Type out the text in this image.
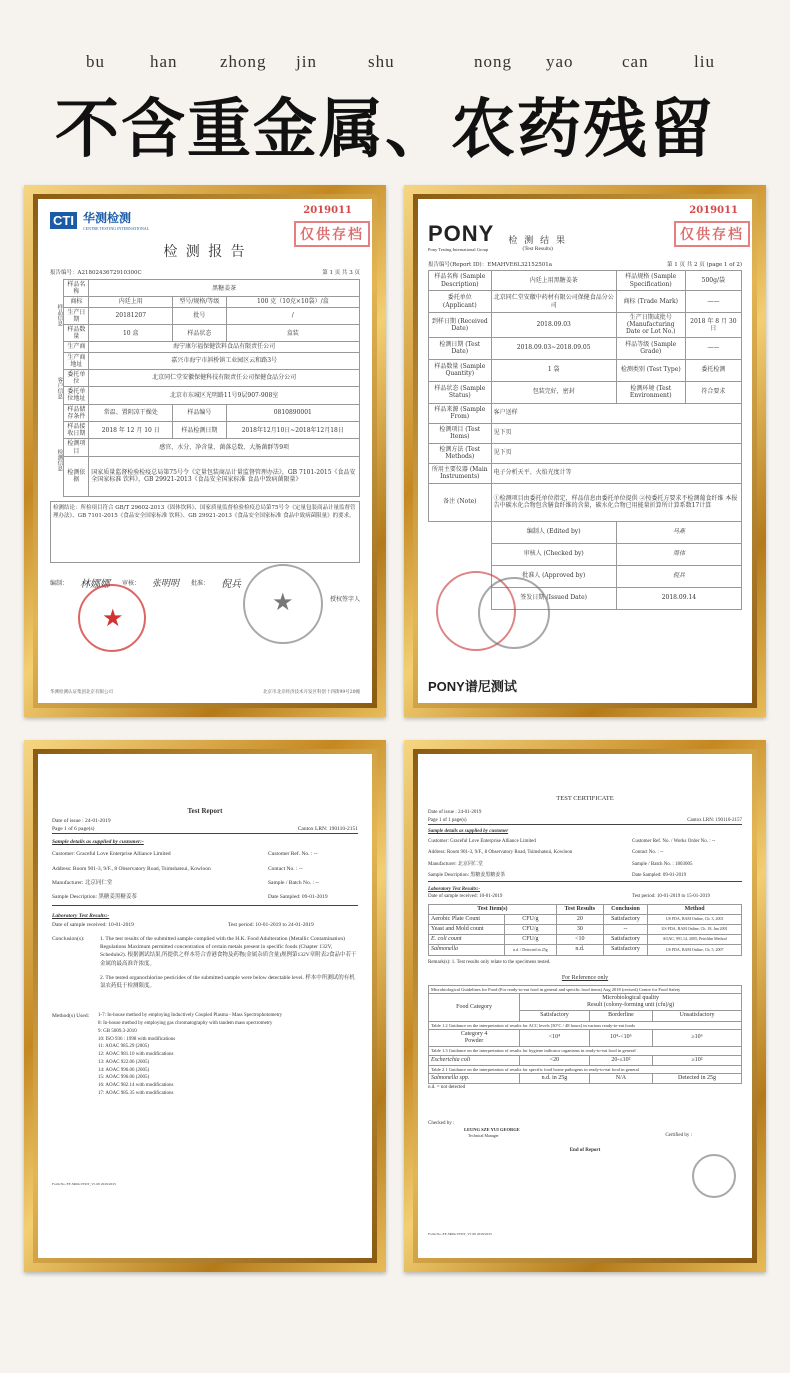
bu	han zhong jin	shu	nong yao	can	liu
不含重金属、农药残留
CTI 华测检测
CENTRE TESTING INTERNATIONAL
2019011
仅供存档
检 测 报 告
报告编号：A2180243672910300C	第 1 页 共 3 页
样品信息
客户信息
检测信息
样品名称	黑糖姜茶		
商标	内廷上用	型号/规格/等级	100 克（10克×10袋）/盒
生产日期	20181207	批号	/
样品数量	10 盒	样品状态	盒装
生产商	海宁康尔福保健饮料食品有限责任公司		
生产商地址	嘉兴市海宁市斜桥镇工业园区云和路3号		
委托单位	北京同仁堂安徽保健科技有限责任公司保健食品分公司		
委托单位地址	北京市东城区光明路11号9层907-908室		
样品储存条件	常温、置阴凉干燥处	样品编号	0810890001
样品接收日期	2018 年 12 月 10 日	样品检测日期	2018年12月10日~2018年12月18日
检测项目	感官、水分、净含量、菌落总数、大肠菌群等9项		
检测依据	国家质量监督检验检疫总局第75号令《定量包装商品计量监督管理办法》，GB 7101-2015《食品安全国家标准 饮料》，GB 29921-2013《食品安全国家标准 食品中致病菌限量》		
检测结论：所检项目符合 GB/T 29602-2013《固体饮料》、国家质量监督检验检疫总局第75号令《定量包装商品计量监督管理办法》、GB 7101-2015《食品安全国家标准 饮料》、GB 29921-2013《食品安全国家标准 食品中致病菌限量》的要求。
★
★
编制： 林娜娜 审核： 张明明 批准： 倪兵
授权签字人
华测检测认证集团北京有限公司	北京市北京经济技术开发区科创十四街99号20幢
PONY
Pony Testing International Group
检 测 结 果
(Test Results)
2019011
仅供存档
报告编号(Report ID)：EMAHVE6L32152501a	第 1 页 共 2 页 (page 1 of 2)
样品名称 (Sample Description)	内廷上用黑糖姜茶	样品规格 (Sample Specification)	500g/袋
委托单位 (Applicant)	北京同仁堂安徽中药材有限公司保健食品分公司	商标 (Trade Mark)	——
到样日期 (Received Date)	2018.09.03	生产日期或批号 (Manufacturing Date or Lot No.)	2018 年 8 月 30 日
检测日期 (Test Date)	2018.09.03~2018.09.05	样品等级 (Sample Grade)	——
样品数量 (Sample Quantity)	1 袋	检测类别 (Test Type)	委托检测
样品状态 (Sample Status)	包装完好，密封	检测环境 (Test Environment)	符合要求
样品来源 (Sample From)	客户送样		
检测项目 (Test Items)	见下页		
检测方法 (Test Methods)	见下页		
所用主要仪器 (Main Instruments)	电子分析天平、火焰光度计等		
备注 (Note)	①检测项目由委托单位指定，样品信息由委托单位提供 ②按委托方要求不检测葡食纤维 本报告中碳水化合物包含膳食纤维的含量，碳水化合物已用能量折算所计算系数17计算		
	编制人 (Edited by)	马燕	
	审核人 (Checked by)	周伟	
	批准人 (Approved by)	倪兵	
	签发日期 (Issued Date)	2018.09.14	
PONY谱尼测试
Test Report
Date of issue : 24-01-2019
Page 1 of 6 page(s)	Cantox LRN: 190110-2151
Sample details as supplied by customer:-
Customer: Graceful Love Enterprise Alliance Limited	Customer Ref. No. : --
Address: Room 901-3, 9/F., 8 Observatory Road, Tsimshatsui, Kowloon	Contact No. : --
Manufacturer: 北京同仁堂	Sample / Batch No. : --
Sample Description: 黑糖姜黑糖姜茶	Date Sampled: 09-01-2019
Laboratory Test Results:-
Date of sample received: 10-01-2019	Test period: 10-01-2019 to 24-01-2019
Conclusion(s):	1. The test results of the submitted sample complied with the H.K. Food Adulteration (Metallic Contamination) Regulations Maximum permitted concentration of certain metals present in specific foods (Chapter 132V, Schedule2). 根据测试结果,所提供之样本符合香港食物及药物(金属杂质含量)规例第132V章附表2食品中若干金属的最高准许浓度。
2. The tested organochlorine pesticides of the submitted sample were below detectable level. 样本中所测试的有机氯农药低于检测限度。
Method(s) Used:	1-7: In-house method by employing Inductively Coupled Plasma - Mass Spectrophotometry
8: In-house method by employing gas chromatography with tandem mass spectrometry
9: GB 5009.3-2010
10: ISO 936 : 1998 with modifications
11: AOAC 985.29 (2005)
12: AOAC 981.10 with modifications
13: AOAC 922.06 (2005)
14: AOAC 996.06 (2005)
15: AOAC 996.06 (2005)
16: AOAC 982.14 with modifications
17: AOAC 985.35 with modifications
Form No. EF-SR04-VISIT_V1.00 2019/2015
TEST CERTIFICATE
Date of issue : 24-01-2019
Page 1 of 1 page(s)	Cantox LRN: 190110-2157
Sample details as supplied by customer
Customer: Graceful Love Enterprise Alliance Limited	Customer Ref. No. / Works Order No. : --
Address: Room 901-3, 9/F., 8 Observatory Road, Tsimshatsui, Kowloon	Contact No. : --
Manufacturer: 北京同仁堂	Sample / Batch No. : 1803005
Sample Description: 黑糖姜黑糖姜茶	Date Sampled: 09-01-2019
Laboratory Test Results:-
Date of sample received: 10-01-2019	Test period: 10-01-2019 to 15-01-2019
Test Item(s)		Test Results	Conclusion	Method
Aerobic Plate Count	CFU/g	20	Satisfactory	US FDA, BAM Online, Ch. 3, 2001
Yeast and Mold count	CFU/g	30	--	US FDA, BAM Online, Ch. 18, Jan 2001
E. coli count	CFU/g	<10	Satisfactory	AOAC, 991.14, 2005, Petrifilm Method
Salmonella	n.d. / Detected in 25g	n.d.	Satisfactory	US FDA, BAM Online, Ch. 5, 2007
Remark(s): 1. Test results only relate to the specimens tested.
For Reference only
Microbiological Guidelines for Food (For ready-to-eat food in general and specific food items) Aug 2018 (revised) Centre for Food Safety			
Food Category	Microbiological quality
Result (colony-forming unit (cfu)/g)		
	Satisfactory	Borderline	Unsatisfactory
Table 1.2 Guidance on the interpretation of results for ACC levels [30°C / 48 hours] in various ready-to-eat foods			
Category 4
Powder	<10⁴	10⁴-<10⁶	≥10⁶
Table 1.3 Guidance on the interpretation of results for hygiene indicator organisms in ready-to-eat food in general			
Escherichia coli	<20	20-≤10²	≥10²
Table 2.1 Guidance on the interpretation of results for specific food borne pathogens in ready-to-eat food in general			
Salmonella spp.	n.d. in 25g	N/A	Detected in 25g
n.d. = not detected
Checked by :
LEUNG SZE YUI GEORGE
Technical Manager	Certified by :
End of Report
Form No. EF-SR04-VISIT_V1.00 2019/2015
